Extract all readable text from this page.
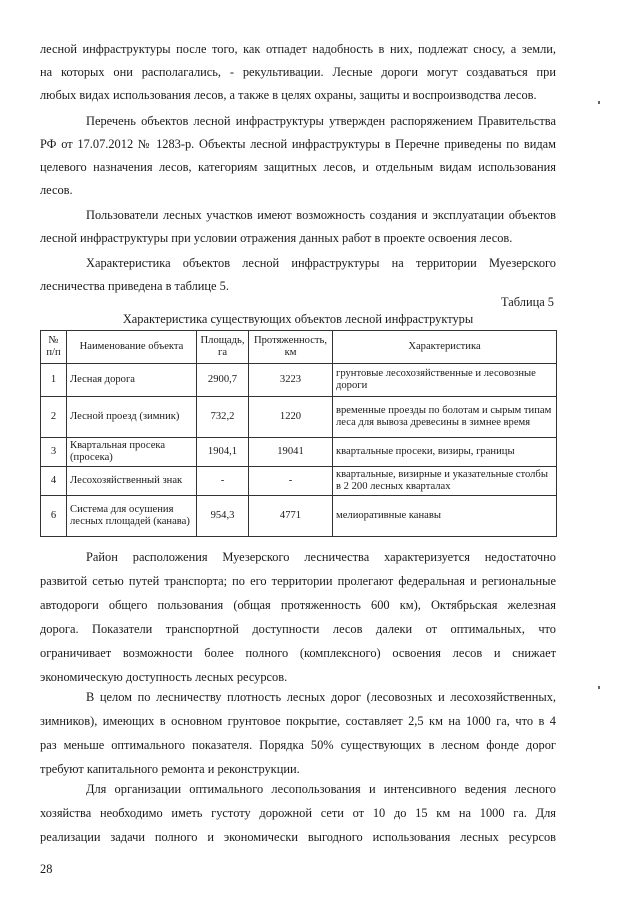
лесной инфраструктуры после того, как отпадет надобность в них, подлежат сносу, а земли,

на которых они располагались, - рекультивации. Лесные дороги могут создаваться при

любых видах использования лесов, а также в целях охраны, защиты и воспроизводства лесов.

Перечень объектов лесной инфраструктуры утвержден распоряжением Правительства

РФ от 17.07.2012 № 1283-р. Объекты лесной инфраструктуры в Перечне приведены по видам

целевого назначения лесов, категориям защитных лесов, и отдельным видам использования

лесов.

Пользователи лесных участков имеют возможность создания и эксплуатации объектов

лесной инфраструктуры при условии отражения данных работ в проекте освоения лесов.

Характеристика объектов лесной инфраструктуры на территории Муезерского

лесничества приведена в таблице 5.

Таблица 5
Характеристика существующих объектов лесной инфраструктуры
№ п/п	Наименование объекта	Площадь, га	Протяженность, км	Характеристика
1	Лесная дорога	2900,7	3223	грунтовые лесохозяйственные и лесовозные дороги
2	Лесной проезд (зимник)	732,2	1220	временные проезды по болотам и сырым типам леса для вывоза древесины в зимнее время
3	Квартальная просека (просека)	1904,1	19041	квартальные просеки, визиры, границы
4	Лесохозяйственный знак	-	-	квартальные, визирные и указательные столбы в 2 200 лесных кварталах
6	Система для осушения лесных площадей (канава)	954,3	4771	мелиоративные канавы

Район расположения Муезерского лесничества характеризуется недостаточно

развитой сетью путей транспорта; по его территории пролегают федеральная и региональные

автодороги общего пользования (общая протяженность 600 км), Октябрьская железная

дорога. Показатели транспортной доступности лесов далеки от оптимальных, что

ограничивает возможности более полного (комплексного) освоения лесов и снижает

экономическую доступность лесных ресурсов.

В целом по лесничеству плотность лесных дорог (лесовозных и лесохозяйственных,

зимников), имеющих в основном грунтовое покрытие, составляет 2,5 км на 1000 га, что в 4

раз меньше оптимального показателя. Порядка 50% существующих в лесном фонде дорог

требуют капитального ремонта и реконструкции.

Для организации оптимального лесопользования и интенсивного ведения лесного

хозяйства необходимо иметь густоту дорожной сети от 10 до 15 км на 1000 га. Для

реализации задачи полного и экономически выгодного использования лесных ресурсов

28
